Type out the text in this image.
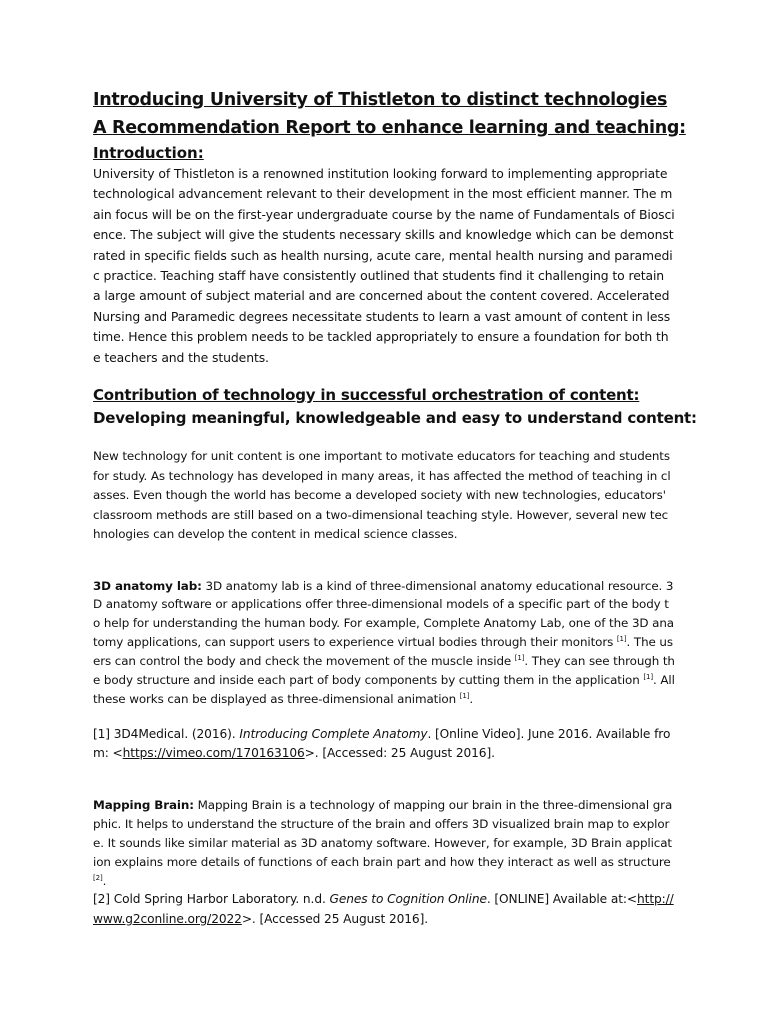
Introducing University of Thistleton to distinct technologies
A Recommendation Report to enhance learning and teaching:
Introduction:

University of Thistleton is a renowned institution looking forward to implementing appropriate technological advancement relevant to their development in the most efficient manner. The main focus will be on the first-year undergraduate course by the name of Fundamentals of Bioscience. The subject will give the students necessary skills and knowledge which can be demonstrated in specific fields such as health nursing, acute care, mental health nursing and paramedic practice. Teaching staff have consistently outlined that students find it challenging to retain a large amount of subject material and are concerned about the content covered. Accelerated Nursing and Paramedic degrees necessitate students to learn a vast amount of content in less time. Hence this problem needs to be tackled appropriately to ensure a foundation for both the teachers and the students.

Contribution of technology in successful orchestration of content:
Developing meaningful, knowledgeable and easy to understand content:

New technology for unit content is one important to motivate educators for teaching and students for study. As technology has developed in many areas, it has affected the method of teaching in classes. Even though the world has become a developed society with new technologies, educators' classroom methods are still based on a two-dimensional teaching style. However, several new technologies can develop the content in medical science classes.

3D anatomy lab: 3D anatomy lab is a kind of three-dimensional anatomy educational resource. 3D anatomy software or applications offer three-dimensional models of a specific part of the body to help for understanding the human body. For example, Complete Anatomy Lab, one of the 3D anatomy applications, can support users to experience virtual bodies through their monitors [1]. The users can control the body and check the movement of the muscle inside [1]. They can see through the body structure and inside each part of body components by cutting them in the application [1]. All these works can be displayed as three-dimensional animation [1].

[1] 3D4Medical. (2016). Introducing Complete Anatomy. [Online Video]. June 2016. Available from: <https://vimeo.com/170163106>. [Accessed: 25 August 2016].

Mapping Brain: Mapping Brain is a technology of mapping our brain in the three-dimensional graphic. It helps to understand the structure of the brain and offers 3D visualized brain map to explore. It sounds like similar material as 3D anatomy software. However, for example, 3D Brain application explains more details of functions of each brain part and how they interact as well as structure [2].

[2] Cold Spring Harbor Laboratory. n.d. Genes to Cognition Online. [ONLINE] Available at:<http://www.g2conline.org/2022>. [Accessed 25 August 2016].
